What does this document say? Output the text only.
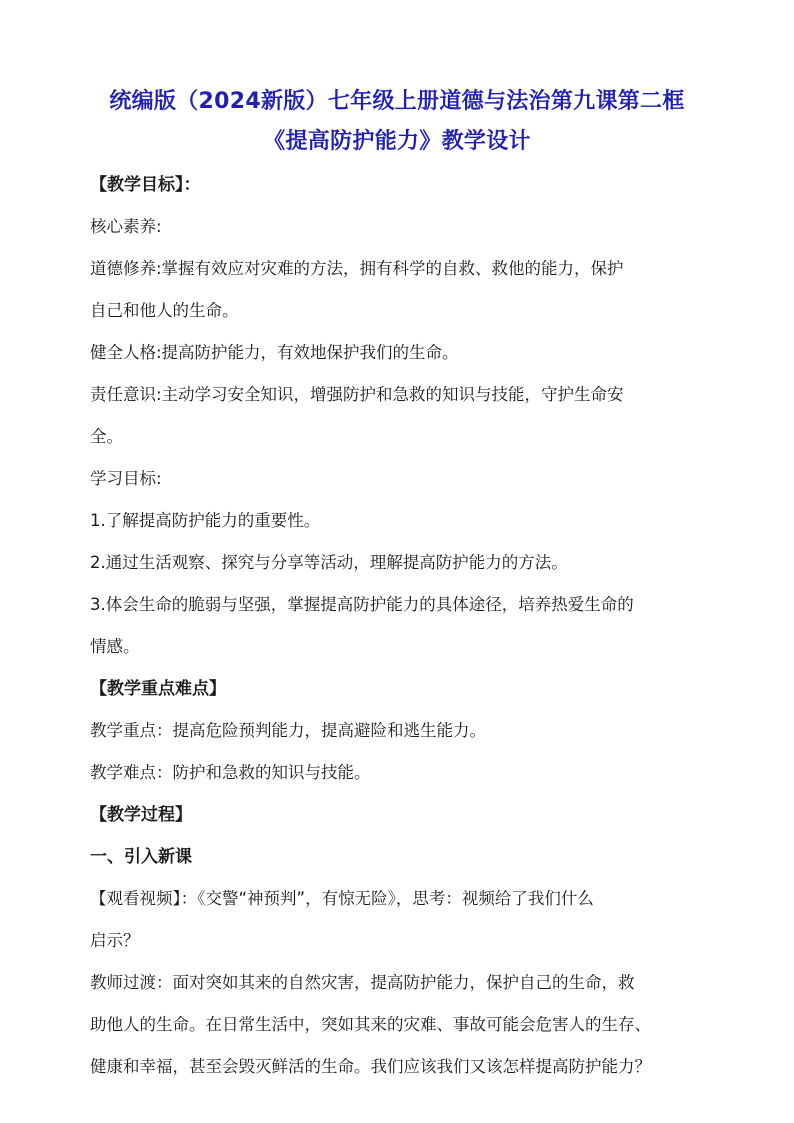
统编版（2024新版）七年级上册道德与法治第九课第二框
《提高防护能力》教学设计

【教学目标】：

核心素养:

道德修养:掌握有效应对灾难的方法，拥有科学的自救、救他的能力，保护

自己和他人的生命。

健全人格:提高防护能力，有效地保护我们的生命。

责任意识:主动学习安全知识，增强防护和急救的知识与技能，守护生命安

全。

学习目标:

1.了解提高防护能力的重要性。

2.通过生活观察、探究与分享等活动，理解提高防护能力的方法。

3.体会生命的脆弱与坚强，掌握提高防护能力的具体途径，培养热爱生命的

情感。

【教学重点难点】

教学重点：提高危险预判能力，提高避险和逃生能力。

教学难点：防护和急救的知识与技能。

【教学过程】

一、引入新课

【观看视频】：《交警“神预判”，有惊无险》，思考：视频给了我们什么

启示？

教师过渡：面对突如其来的自然灾害，提高防护能力，保护自己的生命，救

助他人的生命。在日常生活中，突如其来的灾难、事故可能会危害人的生存、

健康和幸福，甚至会毁灭鲜活的生命。我们应该我们又该怎样提高防护能力？
